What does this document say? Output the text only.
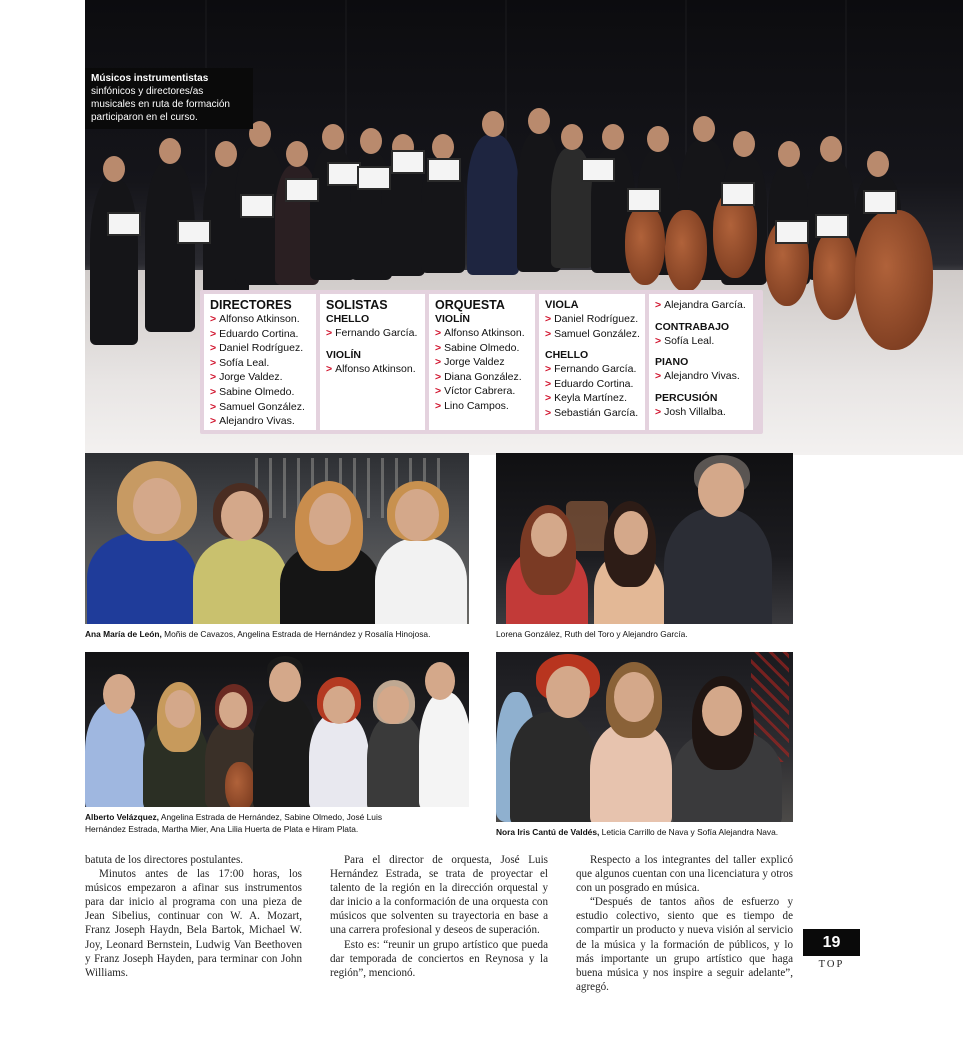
Músicos instrumentistas sinfónicos y directores/as musicales en ruta de formación participaron en el curso.
DIRECTORES
> Alfonso Atkinson.
> Eduardo Cortina.
> Daniel Rodríguez.
> Sofía Leal.
> Jorge Valdez.
> Sabine Olmedo.
> Samuel González.
> Alejandro Vivas.
SOLISTAS
CHELLO
> Fernando García.
VIOLÍN
> Alfonso Atkinson.
ORQUESTA
VIOLÍN
> Alfonso Atkinson.
> Sabine Olmedo.
> Jorge Valdez
> Diana González.
> Víctor Cabrera.
> Lino Campos.
VIOLA
> Daniel Rodríguez.
> Samuel González.
CHELLO
> Fernando García.
> Eduardo Cortina.
> Keyla Martínez.
> Sebastián García.
> Alejandra García.
CONTRABAJO
> Sofía Leal.
PIANO
> Alejandro Vivas.
PERCUSIÓN
> Josh Villalba.
Ana María de León, Moñis de Cavazos, Angelina Estrada de Hernández y Rosalía Hinojosa.	Lorena González, Ruth del Toro y Alejandro García.
Alberto Velázquez, Angelina Estrada de Hernández, Sabine Olmedo, José Luis Hernández Estrada, Martha Mier, Ana Lilia Huerta de Plata e Hiram Plata.	Nora Iris Cantú de Valdés, Leticia Carrillo de Nava y Sofía Alejandra Nava.

batuta de los directores postulantes.

Minutos antes de las 17:00 horas, los músicos empezaron a afinar sus instrumentos para dar inicio al programa con una pieza de Jean Sibelius, continuar con W. A. Mozart, Franz Joseph Haydn, Bela Bartok, Michael W. Joy, Leonard Bernstein, Ludwig Van Beethoven y Franz Joseph Hayden, para terminar con John Williams.

Para el director de orquesta, José Luis Hernández Estrada, se trata de proyectar el talento de la región en la dirección orquestal y dar inicio a la conformación de una orquesta con músicos que solventen su trayectoria en base a una carrera profesional y deseos de superación.

Esto es: “reunir un grupo artístico que pueda dar temporada de conciertos en Reynosa y la región”, mencionó.

Respecto a los integrantes del taller explicó que algunos cuentan con una licenciatura y otros con un posgrado en música.

“Después de tantos años de esfuerzo y estudio colectivo, siento que es tiempo de compartir un producto y nueva visión al servicio de la música y la formación de públicos, y lo más importante un grupo artístico que haga buena música y nos inspire a seguir adelante”, agregó.

19
TOP
